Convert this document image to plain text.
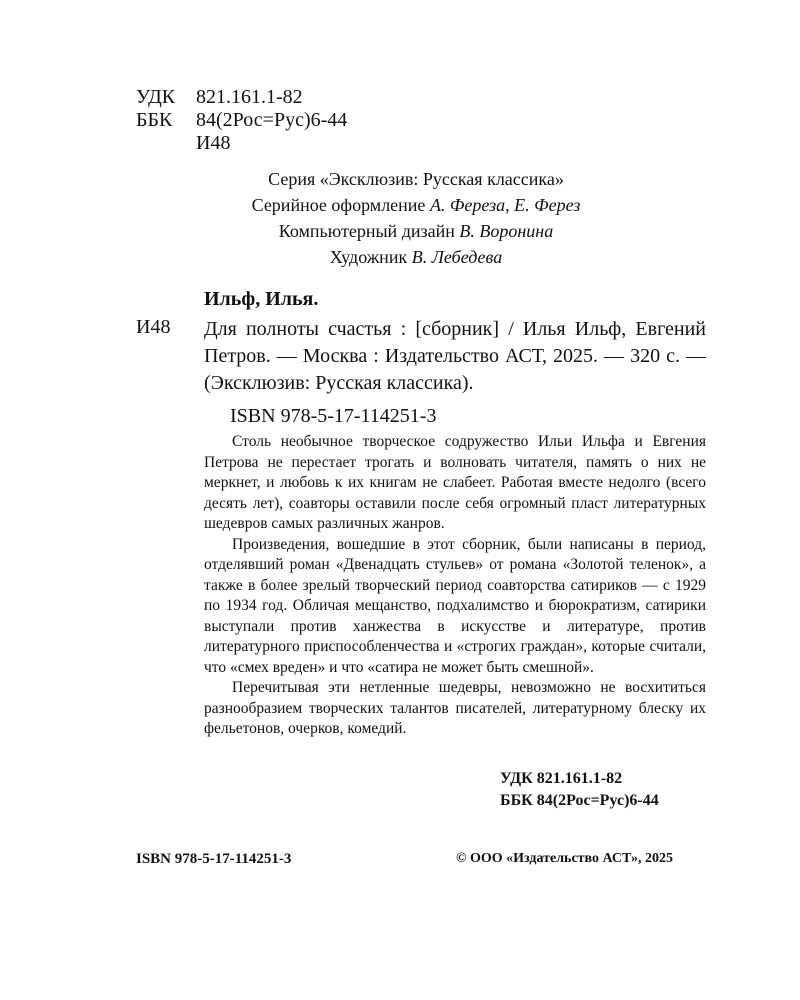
УДК 821.161.1-82
ББК 84(2Рос=Рус)6-44
И48
Серия «Эксклюзив: Русская классика»
Серийное оформление А. Фереза, Е. Ферез
Компьютерный дизайн В. Воронина
Художник В. Лебедева
Ильф, Илья.
И48 Для полноты счастья : [сборник] / Илья Ильф, Евгений Петров. — Москва : Издательство АСТ, 2025. — 320 с. — (Эксклюзив: Русская классика).
ISBN 978-5-17-114251-3

Столь необычное творческое содружество Ильи Ильфа и Евгения Петрова не перестает трогать и волновать читателя, память о них не меркнет, и любовь к их книгам не слабеет. Работая вместе недолго (всего десять лет), соавторы оставили после себя огромный пласт литературных шедевров самых различных жанров.

Произведения, вошедшие в этот сборник, были написаны в период, отделявший роман «Двенадцать стульев» от романа «Золотой теленок», а также в более зрелый творческий период соавторства сатириков — с 1929 по 1934 год. Обличая мещанство, подхалимство и бюрократизм, сатирики выступали против ханжества в искусстве и литературе, против литературного приспособленчества и «строгих граждан», которые считали, что «смех вреден» и что «сатира не может быть смешной».

Перечитывая эти нетленные шедевры, невозможно не восхититься разнообразием творческих талантов писателей, литературному блеску их фельетонов, очерков, комедий.

УДК 821.161.1-82
ББК 84(2Рос=Рус)6-44
ISBN 978-5-17-114251-3	© ООО «Издательство АСТ», 2025
